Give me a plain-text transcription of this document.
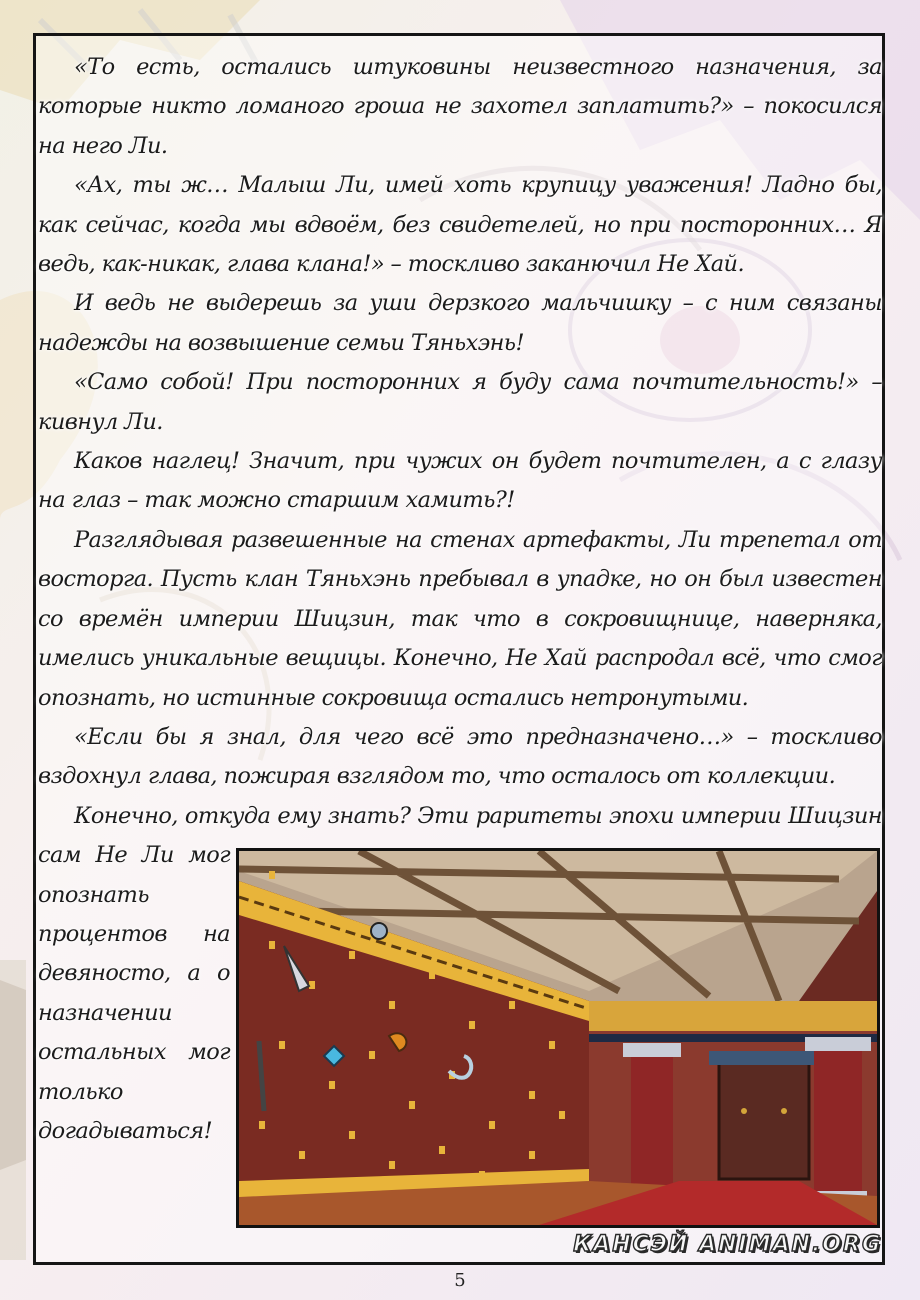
«То есть, остались штуковины неизвестного назначения, за которые никто ломаного гроша не захотел заплатить?» – покосился на него Ли.

«Ах, ты ж… Малыш Ли, имей хоть крупицу уважения! Ладно бы, как сейчас, когда мы вдвоём, без свидетелей, но при посторонних… Я ведь, как-никак, глава клана!» – тоскливо заканючил Не Хай.

И ведь не выдерешь за уши дерзкого мальчишку – с ним связаны надежды на возвышение семьи Тяньхэнь!

«Само собой! При посторонних я буду сама почтительность!» – кивнул Ли.

Каков наглец! Значит, при чужих он будет почтителен, а с глазу на глаз – так можно старшим хамить?!

Разглядывая развешенные на стенах артефакты, Ли трепетал от восторга. Пусть клан Тяньхэнь пребывал в упадке, но он был известен со времён империи Шицзин, так что в сокровищнице, наверняка, имелись уникальные вещицы. Конечно, Не Хай распродал всё, что смог опознать, но истинные сокровища остались нетронутыми.

«Если бы я знал, для чего всё это предназначено…» – тоскливо вздохнул глава, пожирая взглядом то, что осталось от коллекции.

Конечно, откуда ему знать? Эти раритеты эпохи империи Шицзин сам Не Ли мог опознать процентов на девяносто, а о назначении остальных мог только догадываться!

КАНСЭЙ ANIMAN.ORG
5
